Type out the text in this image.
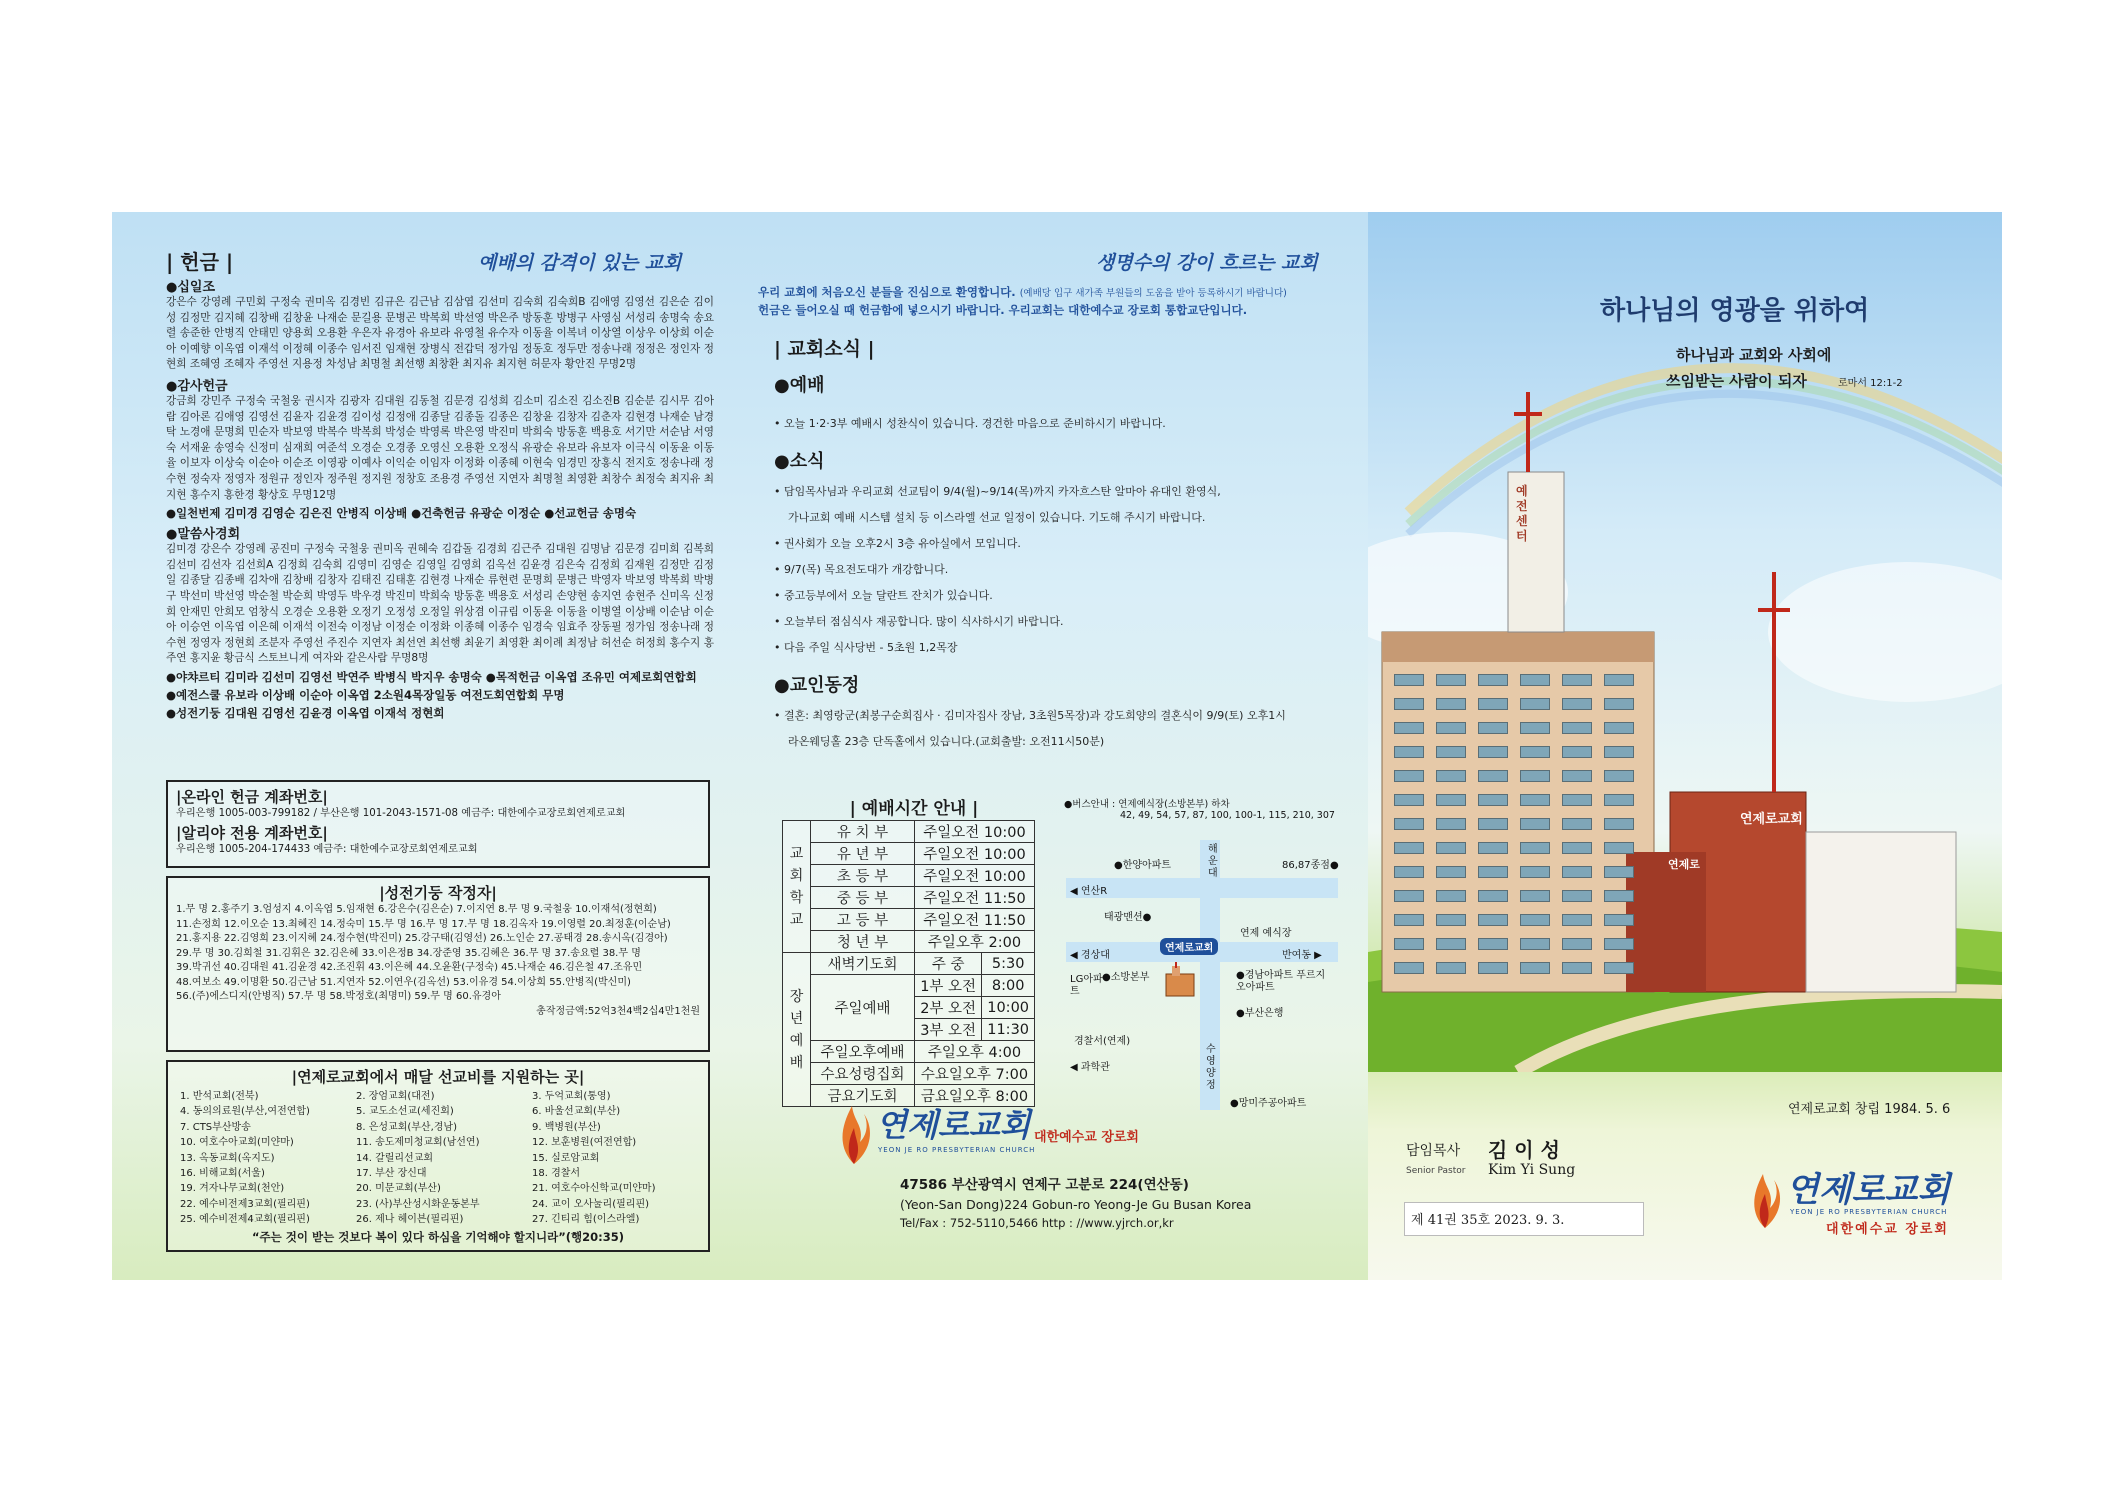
| 헌금 |	예배의 감격이 있는 교회
●십일조
강은수 강영례 구민회 구정숙 권미옥 김경빈 김규은 김근남 김삼엽 김선미 김숙희 김숙희B 김애영 김영선 김은순 김이성 김정만 김지혜 김창배 김창윤 나재순 문길용 문병곤 박복희 박선영 박은주 방동훈 방병구 사영심 서성리 송명숙 송요렬 송준한 안병직 안태민 양용희 오용환 우은자 유경아 유보라 유영철 유수자 이동율 이복녀 이상열 이상우 이상희 이순아 이예향 이옥엽 이재석 이정혜 이종수 임서진 임재현 장병식 전갑덕 정가임 정동호 정두만 정송나래 정정은 정인자 정현희 조혜영 조혜자 주영선 지용정 차성남 최명철 최선행 최창환 최지유 최지현 허문자 황안진 무명2명
●감사헌금
강금희 강민주 구정숙 국철웅 권시자 김광자 김대원 김동철 김문경 김성희 김소미 김소진 김소진B 김순분 김시무 김아람 김아론 김애영 김영선 김윤자 김윤경 김이성 김정애 김종달 김종돌 김종은 김창윤 김창자 김춘자 김현경 나재순 남경탁 노경애 문명희 민순자 박보영 박복수 박복희 박성순 박영록 박은영 박진미 박희숙 방동훈 백용호 서기만 서순남 서영숙 서재윤 송영숙 신정미 심재희 여준석 오경순 오경종 오영신 오용환 오정식 유광순 유보라 유보자 이극식 이동윤 이동율 이보자 이상숙 이순아 이순조 이영광 이예사 이익순 이임자 이정화 이종혜 이현숙 임경민 장홍식 전지호 정송나래 정수현 정숙자 정영자 정원규 정인자 정주원 정지원 정창호 조용경 주영선 지연자 최명철 최영환 최창수 최정숙 최지유 최지현 홍수지 홍한경 황상호 무명12명
●일천번제 김미경 김영순 김은진 안병직 이상배 ●건축헌금 유광순 이정순 ●선교헌금 송명숙
●말씀사경회
김미경 강은수 강영례 공진미 구정숙 국철웅 권미옥 권혜숙 김갑돌 김경희 김근주 김대원 김명남 김문경 김미희 김복희 김선미 김선자 김선희A 김정희 김숙희 김영미 김영순 김영일 김영희 김옥선 김윤경 김은숙 김정희 김재원 김정만 김정일 김종달 김종배 김차애 김창배 김창자 김태진 김태훈 김현경 나재순 류현련 문명희 문병근 박영자 박보영 박복희 박병구 박선미 박선영 박순철 박순희 박영두 박우경 박진미 박희숙 방동훈 백용호 서성리 손양현 송지연 송현주 신미옥 신정희 안재민 안희모 엄창식 오경순 오용환 오정기 오정성 오정일 위상겸 이규림 이동윤 이동율 이병열 이상배 이순남 이순아 이승연 이옥엽 이은혜 이재석 이전숙 이정남 이정순 이정화 이종혜 이종수 임경숙 임효주 장동필 정가임 정송나래 정수현 정영자 정현희 조분자 주영선 주진수 지연자 최선연 최선행 최윤기 최영환 최이례 최정남 허선순 허정희 홍수지 홍주연 홍지윤 황금식 스토브니게 여자와 같은사람 무명8명
●야챠르티 김미라 김선미 김영선 박연주 박병식 박지우 송명숙 ●목적헌금 이옥엽 조유민 여제로회연합회
●예전스쿨 유보라 이상배 이순아 이옥엽 2소원4목장일동 여전도회연합회 무명
●성전기둥 김대원 김영선 김윤경 이옥엽 이재석 정현희
|온라인 헌금 계좌번호|
우리은행 1005-003-799182 / 부산은행 101-2043-1571-08 예금주: 대한예수교장로회연제로교회
|알리야 전용 계좌번호|
우리은행 1005-204-174433 예금주: 대한예수교장로회연제로교회
|성전기둥 작정자|
1.무 명 2.홍주기 3.엄성지 4.이옥엽 5.임재현 6.강은수(김은순) 7.이지연 8.무 명 9.국철웅 10.이재석(정현희)
11.손정희 12.이오순 13.최혜진 14.정숙미 15.무 명 16.무 명 17.무 명 18.김옥자 19.이영렬 20.최정훈(이순남)
21.홍지용 22.김영희 23.이지혜 24.정수현(박진미) 25.강구태(김영선) 26.노인순 27.공태경 28.송시옥(김경아)
29.무 명 30.김희철 31.김휘은 32.김은혜 33.이은정B 34.장준영 35.김혜은 36.무 명 37.송요렬 38.무 명
39.박귀선 40.김대원 41.김윤경 42.조진휘 43.이은혜 44.오윤환(구정숙) 45.나재순 46.김은철 47.조유민
48.여보소 49.이명환 50.김근남 51.지연자 52.이연우(김옥선) 53.이유경 54.이상희 55.안병직(박신미)
56.(주)에스디지(안병직) 57.무 명 58.박정호(최명미) 59.무 명 60.유경아
총작정금액:52억3천4백2십4만1천원
|연제로교회에서 매달 선교비를 지원하는 곳|
1. 반석교회(전북)	2. 장엄교회(대전)	3. 두억교회(통영)
4. 동의의료원(부산,여전연합)	5. 교도소선교(세진회)	6. 바울선교회(부산)
7. CTS부산방송	8. 은성교회(부산,경남)	9. 백병원(부산)
10. 여호수아교회(미얀마)	11. 송도제미청교회(남선연)	12. 보훈병원(여전연합)
13. 옥동교회(옥지도)	14. 갈릴리선교회	15. 실로암교회
16. 비해교회(서울)	17. 부산 장신대	18. 경찰서
19. 겨자나무교회(천안)	20. 미문교회(부산)	21. 여호수아신학교(미얀마)
22. 예수비전제3교회(필리핀)	23. (사)부산성시화운동본부	24. 교이 오사눌리(필리핀)
25. 예수비전제4교회(필리핀)	26. 제나 헤이븐(필리핀)	27. 긴티리 힘(이스라엘)
“주는 것이 받는 것보다 복이 있다 하심을 기억해야 할지니라”(행20:35)
생명수의 강이 흐르는 교회
우리 교회에 처음오신 분들을 진심으로 환영합니다. (예배당 입구 새가족 부원들의 도움을 받아 등록하시기 바랍니다)
헌금은 들어오실 때 헌금함에 넣으시기 바랍니다. 우리교회는 대한예수교 장로회 통합교단입니다.
| 교회소식 |
●예배
• 오늘 1·2·3부 예배시 성찬식이 있습니다. 경건한 마음으로 준비하시기 바랍니다.
●소식
• 담임목사님과 우리교회 선교팀이 9/4(월)~9/14(목)까지 카자흐스탄 알마아 유대인 환영식,
가나교회 예배 시스템 설치 등 이스라엘 선교 일정이 있습니다. 기도해 주시기 바랍니다.
• 권사회가 오늘 오후2시 3층 유아실에서 모입니다.
• 9/7(목) 목요전도대가 개강합니다.
• 중고등부에서 오늘 달란트 잔치가 있습니다.
• 오늘부터 점심식사 재공합니다. 많이 식사하시기 바랍니다.
• 다음 주일 식사당번 - 5초원 1,2목장
●교인동정
• 결혼: 최영랑군(최봉구순희집사 · 김미자집사 장남, 3초원5목장)과 강도희양의 결혼식이 9/9(토) 오후1시
라온웨딩홀 23층 단독홀에서 있습니다.(교회출발: 오전11시50분)
| 예배시간 안내 |
교
회
학
교	유 치 부	주일오전 10:00	
	유 년 부	주일오전 10:00	
	초 등 부	주일오전 10:00	
	중 등 부	주일오전 11:50	
	고 등 부	주일오전 11:50	
	청 년 부	주일오후 2:00	
장
년
예
배	새벽기도회	주 중	5:30
	주일예배	1부 오전	8:00
		2부 오전	10:00
		3부 오전	11:30
	주일오후예배	주일오후 4:00	
	수요성령집회	수요일오후 7:00	
	금요기도회	금요일오후 8:00	
●버스안내 : 연제예식장(소방본부) 하차
42, 49, 54, 57, 87, 100, 100-1, 115, 210, 307
●한양아파트
해운대
86,87종점●
◀ 연산R
태광맨션●
연제 예식장
◀ 경상대
연제로교회
반여동 ▶
LG아파트
●소방본부	●경남아파트 푸르지오아파트
●부산은행
경찰서(연제)
◀ 과학관
수영 양정
●망미주공아파트
연제로교회
YEON JE RO PRESBYTERIAN CHURCH
대한예수교 장로회
47586 부산광역시 연제구 고분로 224(연산동)
(Yeon-San Dong)224 Gobun-ro Yeong-Je Gu Busan Korea
Tel/Fax : 752-5110,5466 http : //www.yjrch.or,kr
예전센터
연제로교회
연제로
하나님의 영광을 위하여
하나님과 교회와 사회에
쓰임받는 사람이 되자	로마서 12:1-2
연제로교회 창립 1984. 5. 6
담임목사 김 이 성
Senior Pastor Kim Yi Sung
제 41권 35호 2023. 9. 3.
연제로교회
YEON JE RO PRESBYTERIAN CHURCH
대한예수교 장로회
